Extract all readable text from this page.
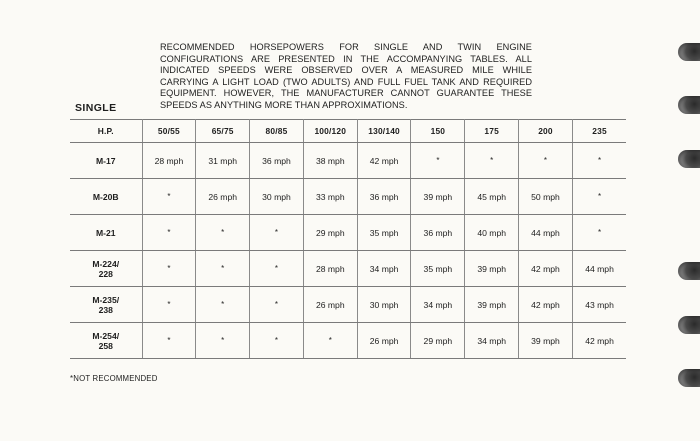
RECOMMENDED HORSEPOWERS FOR SINGLE AND TWIN ENGINE CONFIGURATIONS ARE PRESENTED IN THE ACCOMPANYING TABLES. ALL INDICATED SPEEDS WERE OBSERVED OVER A MEASURED MILE WHILE CARRYING A LIGHT LOAD (TWO ADULTS) AND FULL FUEL TANK AND REQUIRED EQUIPMENT. HOWEVER, THE MANUFACTURER CANNOT GUARANTEE THESE SPEEDS AS ANYTHING MORE THAN APPROXIMATIONS.

SINGLE
H.P.	50/55	65/75	80/85	100/120	130/140	150	175	200	235
M-17	28 mph	31 mph	36 mph	38 mph	42 mph	*	*	*	*
M-20B	*	26 mph	30 mph	33 mph	36 mph	39 mph	45 mph	50 mph	*
M-21	*	*	*	29 mph	35 mph	36 mph	40 mph	44 mph	*
M-224/
228	*	*	*	28 mph	34 mph	35 mph	39 mph	42 mph	44 mph
M-235/
238	*	*	*	26 mph	30 mph	34 mph	39 mph	42 mph	43 mph
M-254/
258	*	*	*	*	26 mph	29 mph	34 mph	39 mph	42 mph

*NOT RECOMMENDED
